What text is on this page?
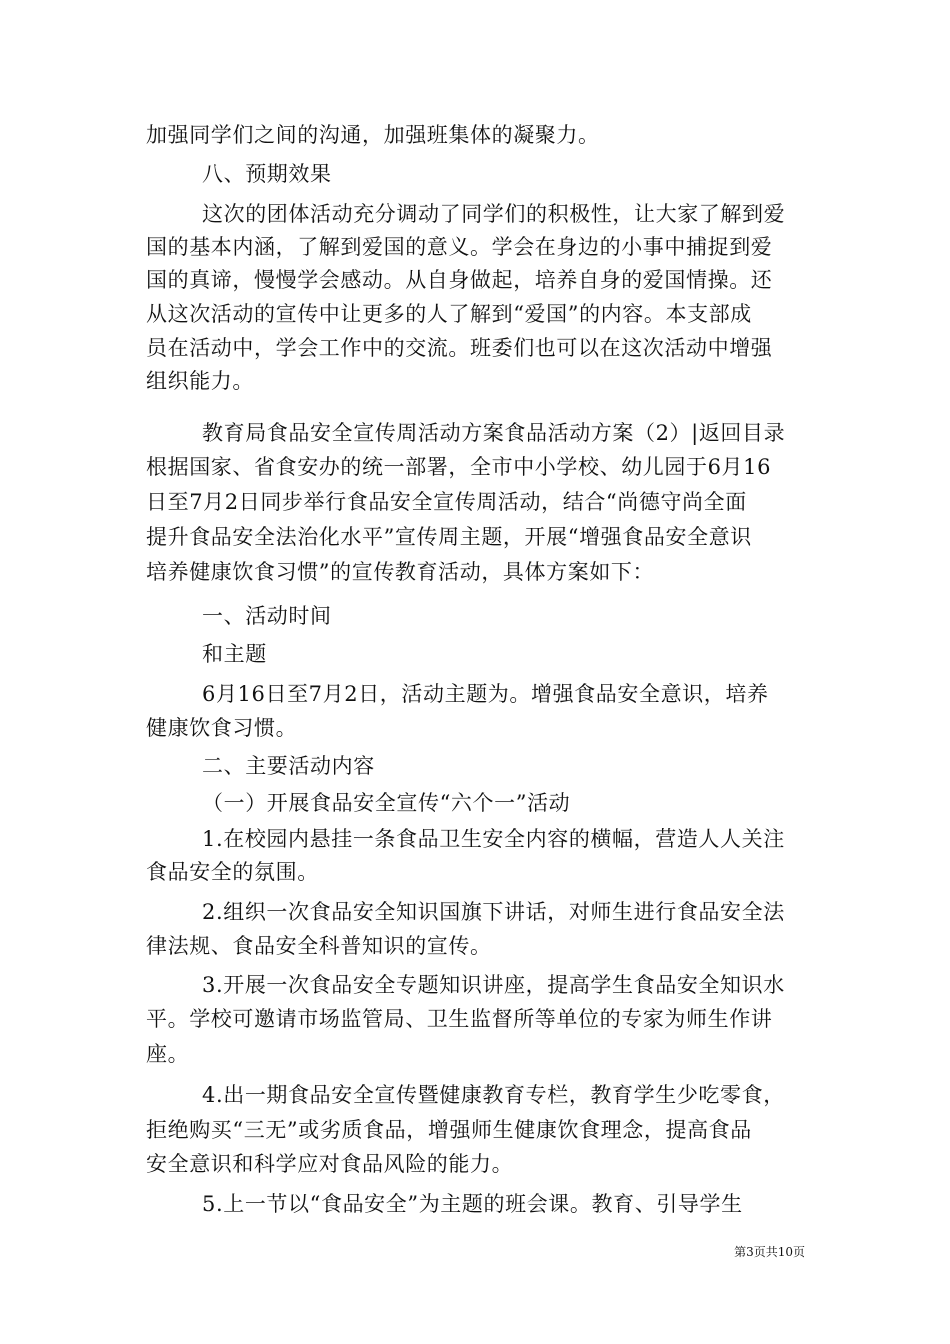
加强同学们之间的沟通，加强班集体的凝聚力。
八、预期效果
这次的团体活动充分调动了同学们的积极性，让大家了解到爱
国的基本内涵，了解到爱国的意义。学会在身边的小事中捕捉到爱
国的真谛，慢慢学会感动。从自身做起，培养自身的爱国情操。还
从这次活动的宣传中让更多的人了解到“爱国”的内容。本支部成
员在活动中，学会工作中的交流。班委们也可以在这次活动中增强
组织能力。
教育局食品安全宣传周活动方案食品活动方案（2）|返回目录
根据国家、省食安办的统一部署，全市中小学校、幼儿园于6月16
日至7月2日同步举行食品安全宣传周活动，结合“尚德守尚全面
提升食品安全法治化水平”宣传周主题，开展“增强食品安全意识
培养健康饮食习惯”的宣传教育活动，具体方案如下：
一、活动时间
和主题
6月16日至7月2日，活动主题为。增强食品安全意识，培养
健康饮食习惯。
二、主要活动内容
（一）开展食品安全宣传“六个一”活动
1.在校园内悬挂一条食品卫生安全内容的横幅，营造人人关注
食品安全的氛围。
2.组织一次食品安全知识国旗下讲话，对师生进行食品安全法
律法规、食品安全科普知识的宣传。
3.开展一次食品安全专题知识讲座，提高学生食品安全知识水
平。学校可邀请市场监管局、卫生监督所等单位的专家为师生作讲
座。
4.出一期食品安全宣传暨健康教育专栏，教育学生少吃零食，
拒绝购买“三无”或劣质食品，增强师生健康饮食理念，提高食品
安全意识和科学应对食品风险的能力。
5.上一节以“食品安全”为主题的班会课。教育、引导学生
第3页共10页
